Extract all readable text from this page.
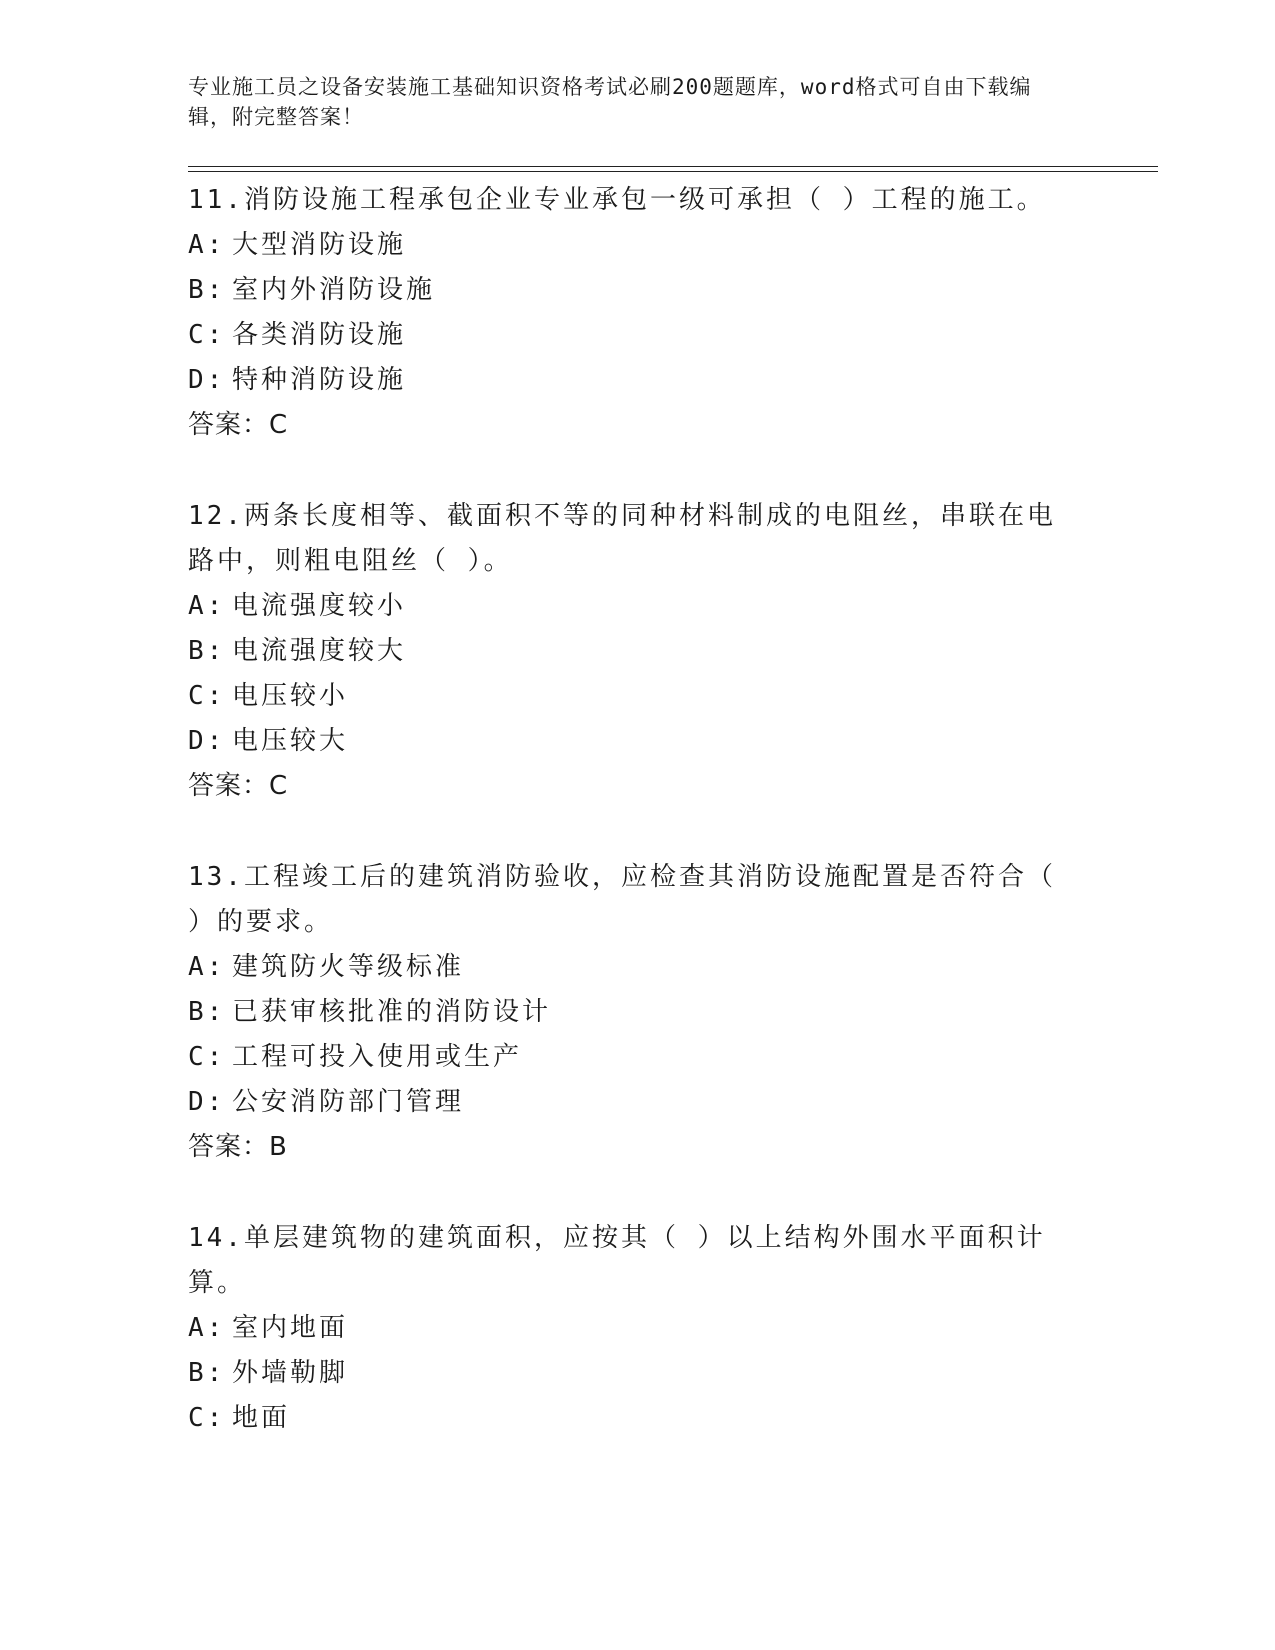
专业施工员之设备安装施工基础知识资格考试必刷200题题库，word格式可自由下载编辑，附完整答案！

11.消防设施工程承包企业专业承包一级可承担（ ）工程的施工。

A: 大型消防设施

B: 室内外消防设施

C: 各类消防设施

D: 特种消防设施

答案：C

12.两条长度相等、截面积不等的同种材料制成的电阻丝，串联在电路中，则粗电阻丝（ ）。

A: 电流强度较小

B: 电流强度较大

C: 电压较小

D: 电压较大

答案：C

13.工程竣工后的建筑消防验收，应检查其消防设施配置是否符合（ ）的要求。

A: 建筑防火等级标准

B: 已获审核批准的消防设计

C: 工程可投入使用或生产

D: 公安消防部门管理

答案：B

14.单层建筑物的建筑面积，应按其（ ）以上结构外围水平面积计算。

A: 室内地面

B: 外墙勒脚

C: 地面
